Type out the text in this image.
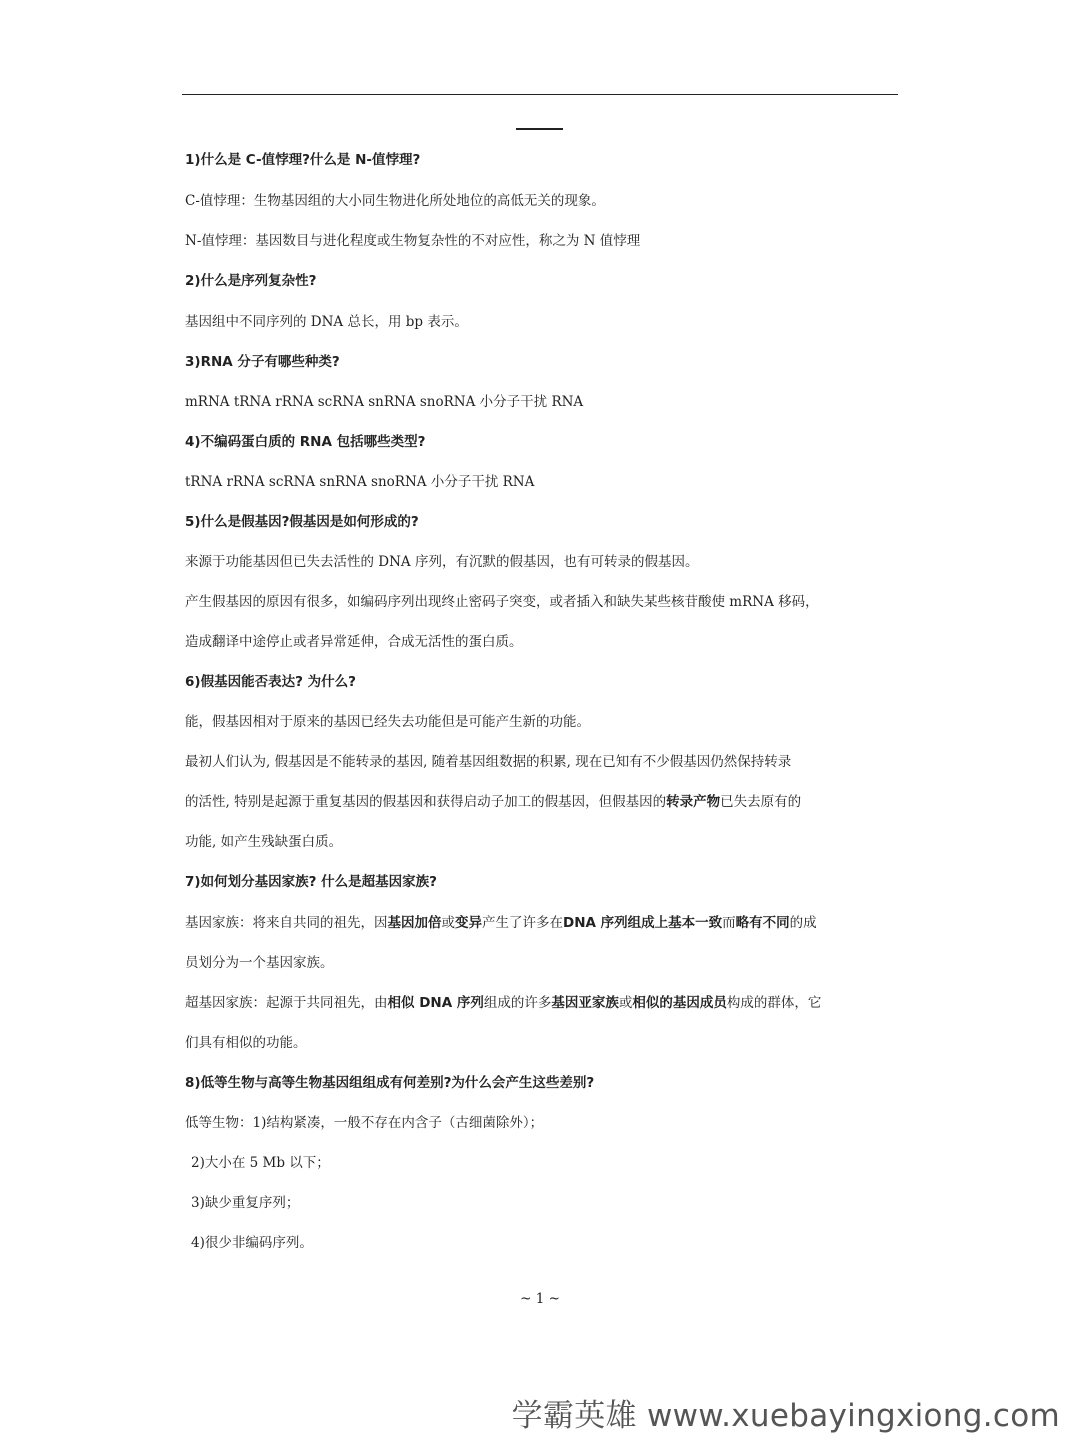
1)什么是 C-值悖理?什么是 N-值悖理?

C-值悖理：生物基因组的大小同生物进化所处地位的高低无关的现象。

N-值悖理：基因数目与进化程度或生物复杂性的不对应性，称之为 N 值悖理

2)什么是序列复杂性?

基因组中不同序列的 DNA 总长，用 bp 表示。

3)RNA 分子有哪些种类?

mRNA tRNA rRNA scRNA snRNA snoRNA 小分子干扰 RNA

4)不编码蛋白质的 RNA 包括哪些类型?

tRNA rRNA scRNA snRNA snoRNA 小分子干扰 RNA

5)什么是假基因?假基因是如何形成的?

来源于功能基因但已失去活性的 DNA 序列，有沉默的假基因，也有可转录的假基因。

产生假基因的原因有很多，如编码序列出现终止密码子突变，或者插入和缺失某些核苷酸使 mRNA 移码，

造成翻译中途停止或者异常延伸，合成无活性的蛋白质。

6)假基因能否表达? 为什么?

能，假基因相对于原来的基因已经失去功能但是可能产生新的功能。

最初人们认为, 假基因是不能转录的基因, 随着基因组数据的积累, 现在已知有不少假基因仍然保持转录

的活性, 特别是起源于重复基因的假基因和获得启动子加工的假基因，但假基因的转录产物已失去原有的

功能, 如产生残缺蛋白质。

7)如何划分基因家族? 什么是超基因家族?

基因家族：将来自共同的祖先，因基因加倍或变异产生了许多在DNA 序列组成上基本一致而略有不同的成

员划分为一个基因家族。

超基因家族：起源于共同祖先，由相似 DNA 序列组成的许多基因亚家族或相似的基因成员构成的群体，它

们具有相似的功能。

8)低等生物与高等生物基因组组成有何差别?为什么会产生这些差别?

低等生物：1)结构紧凑，一般不存在内含子（古细菌除外）；

2)大小在 5 Mb 以下；

3)缺少重复序列；

4)很少非编码序列。

~ 1 ~
学霸英雄 www.xuebayingxiong.com
